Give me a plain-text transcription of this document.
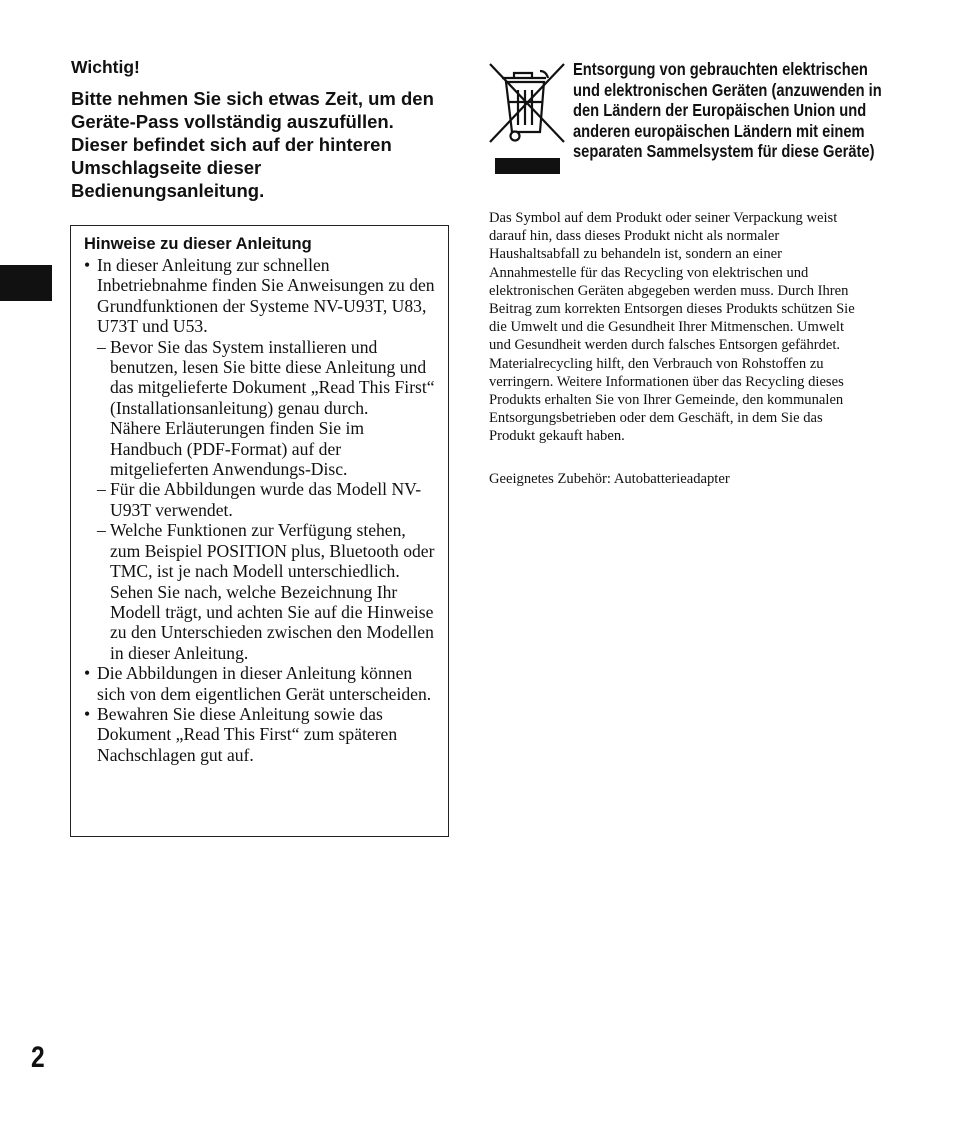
Wichtig!

Bitte nehmen Sie sich etwas Zeit, um den Geräte-Pass vollständig auszufüllen. Dieser befindet sich auf der hinteren Umschlagseite dieser Bedienungsanleitung.

Hinweise zu dieser Anleitung

• In dieser Anleitung zur schnellen Inbetriebnahme finden Sie Anweisungen zu den Grundfunktionen der Systeme NV-U93T, U83, U73T und U53.
– Bevor Sie das System installieren und benutzen, lesen Sie bitte diese Anleitung und das mitgelieferte Dokument „Read This First“ (Installationsanleitung) genau durch.
Nähere Erläuterungen finden Sie im Handbuch (PDF-Format) auf der mitgelieferten Anwendungs-Disc.
– Für die Abbildungen wurde das Modell NV-U93T verwendet.
– Welche Funktionen zur Verfügung stehen, zum Beispiel POSITION plus, Bluetooth oder TMC, ist je nach Modell unterschiedlich.
Sehen Sie nach, welche Bezeichnung Ihr Modell trägt, und achten Sie auf die Hinweise zu den Unterschieden zwischen den Modellen in dieser Anleitung.
• Die Abbildungen in dieser Anleitung können sich von dem eigentlichen Gerät unterscheiden.
• Bewahren Sie diese Anleitung sowie das Dokument „Read This First“ zum späteren Nachschlagen gut auf.
2

Entsorgung von gebrauchten elektrischen und elektronischen Geräten (anzuwenden in den Ländern der Europäischen Union und anderen europäischen Ländern mit einem separaten Sammelsystem für diese Geräte)

Das Symbol auf dem Produkt oder seiner Verpackung weist darauf hin, dass dieses Produkt nicht als normaler Haushaltsabfall zu behandeln ist, sondern an einer Annahmestelle für das Recycling von elektrischen und elektronischen Geräten abgegeben werden muss. Durch Ihren Beitrag zum korrekten Entsorgen dieses Produkts schützen Sie die Umwelt und die Gesundheit Ihrer Mitmenschen. Umwelt und Gesundheit werden durch falsches Entsorgen gefährdet. Materialrecycling hilft, den Verbrauch von Rohstoffen zu verringern. Weitere Informationen über das Recycling dieses Produkts erhalten Sie von Ihrer Gemeinde, den kommunalen Entsorgungsbetrieben oder dem Geschäft, in dem Sie das Produkt gekauft haben.

Geeignetes Zubehör: Autobatterieadapter
